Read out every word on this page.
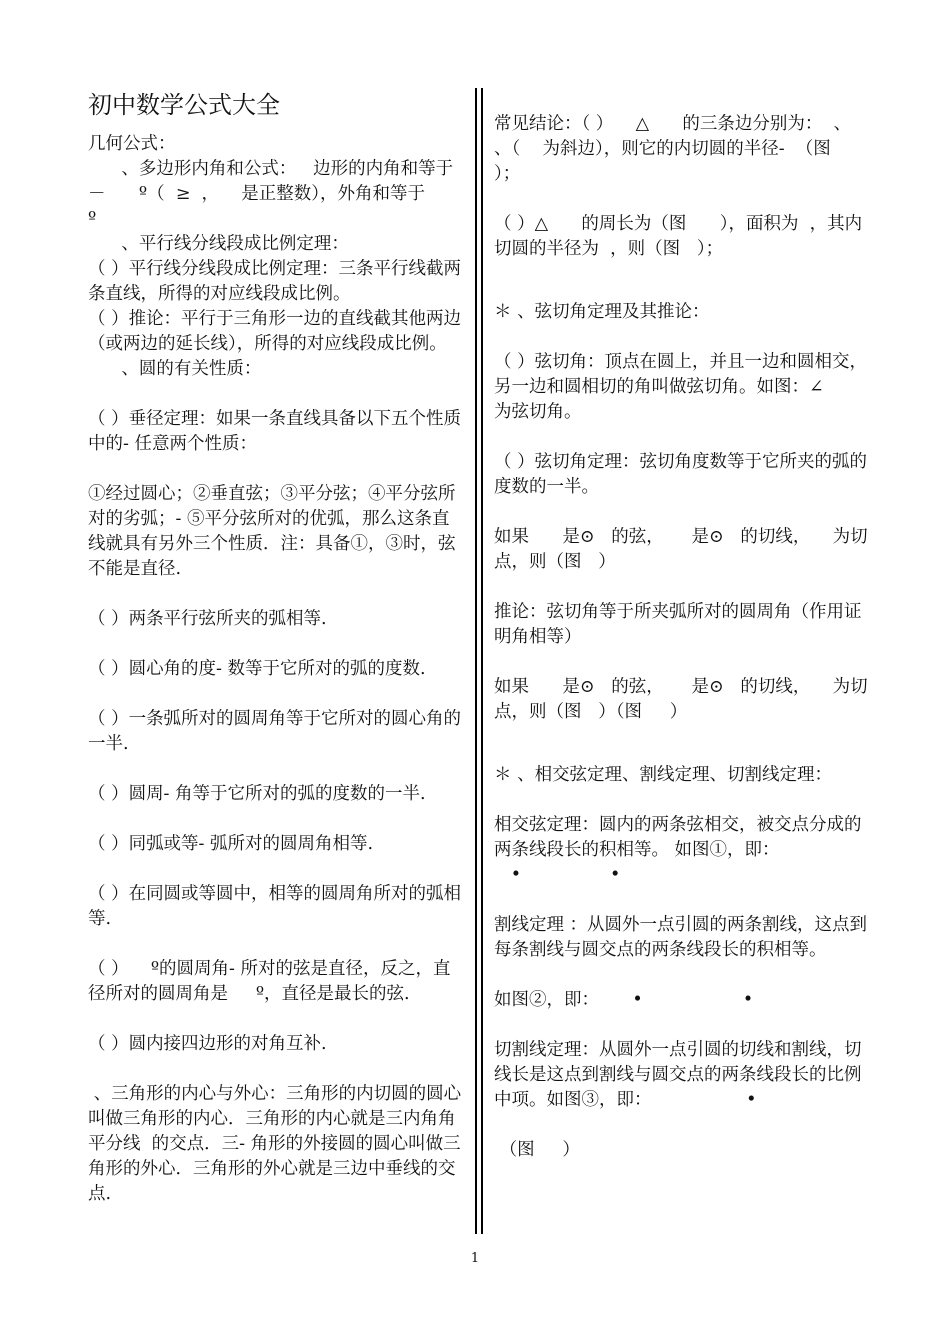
初中数学公式大全

几何公式：

、多边形内角和公式：   边形的内角和等于   －      º（  ≥  ，    是正整数），外角和等于      º

、平行线分线段成比例定理：

（ ）平行线分线段成比例定理：三条平行线截两条直线，所得的对应线段成比例。

（ ）推论：平行于三角形一边的直线截其他两边（或两边的延长线），所得的对应线段成比例。

、圆的有关性质：

（ ）垂径定理：如果一条直线具备以下五个性质中的- 任意两个性质：

①经过圆心；②垂直弦；③平分弦；④平分弦所对的劣弧；- ⑤平分弦所对的优弧，那么这条直线就具有另外三个性质．注：具备①，③时，弦不能是直径.

（ ）两条平行弦所夹的弧相等.

（ ）圆心角的度- 数等于它所对的弧的度数.

（ ）一条弧所对的圆周角等于它所对的圆心角的一半.

（ ）圆周- 角等于它所对的弧的度数的一半.

（ ）同弧或等- 弧所对的圆周角相等.

（ ）在同圆或等圆中，相等的圆周角所对的弧相等.

（ ）    º的圆周角- 所对的弦是直径，反之，直径所对的圆周角是     º，直径是最长的弦.

（ ）圆内接四边形的对角互补.

、三角形的内心与外心：三角形的内切圆的圆心叫做三角形的内心．三角形的内心就是三内角角平分线  的交点．三- 角形的外接圆的圆心叫做三角形的外心．三角形的外心就是三边中垂线的交点.

常见结论：（ ）    △      的三条边分别为：  、  、（    为斜边），则它的内切圆的半径-  （图   ）；

（ ）△      的周长为（图      ），面积为  ，其内切圆的半径为  ，则（图   ）；

＊ 、弦切角定理及其推论：

（ ）弦切角：顶点在圆上，并且一边和圆相交，另一边和圆相切的角叫做弦切角。如图：∠       为弦切角。

（ ）弦切角定理：弦切角度数等于它所夹的弧的度数的一半。

如果      是⊙   的弦，     是⊙   的切线，    为切点，则（图   ）

推论：弦切角等于所夹弧所对的圆周角（作用证明角相等）

如果      是⊙   的弦，     是⊙   的切线，    为切点，则（图   ）（图     ）

＊ 、相交弦定理、割线定理、切割线定理：

相交弦定理：圆内的两条弦相交，被交点分成的两条线段长的积相等。 如图①，即：

•                •

割线定理 ：从圆外一点引圆的两条割线，这点到每条割线与圆交点的两条线段长的积相等。

如图②，即：      •                  •

切割线定理：从圆外一点引圆的切线和割线，切线长是这点到割线与圆交点的两条线段长的比例中项。如图③，即：                 •

（图     ）

1
